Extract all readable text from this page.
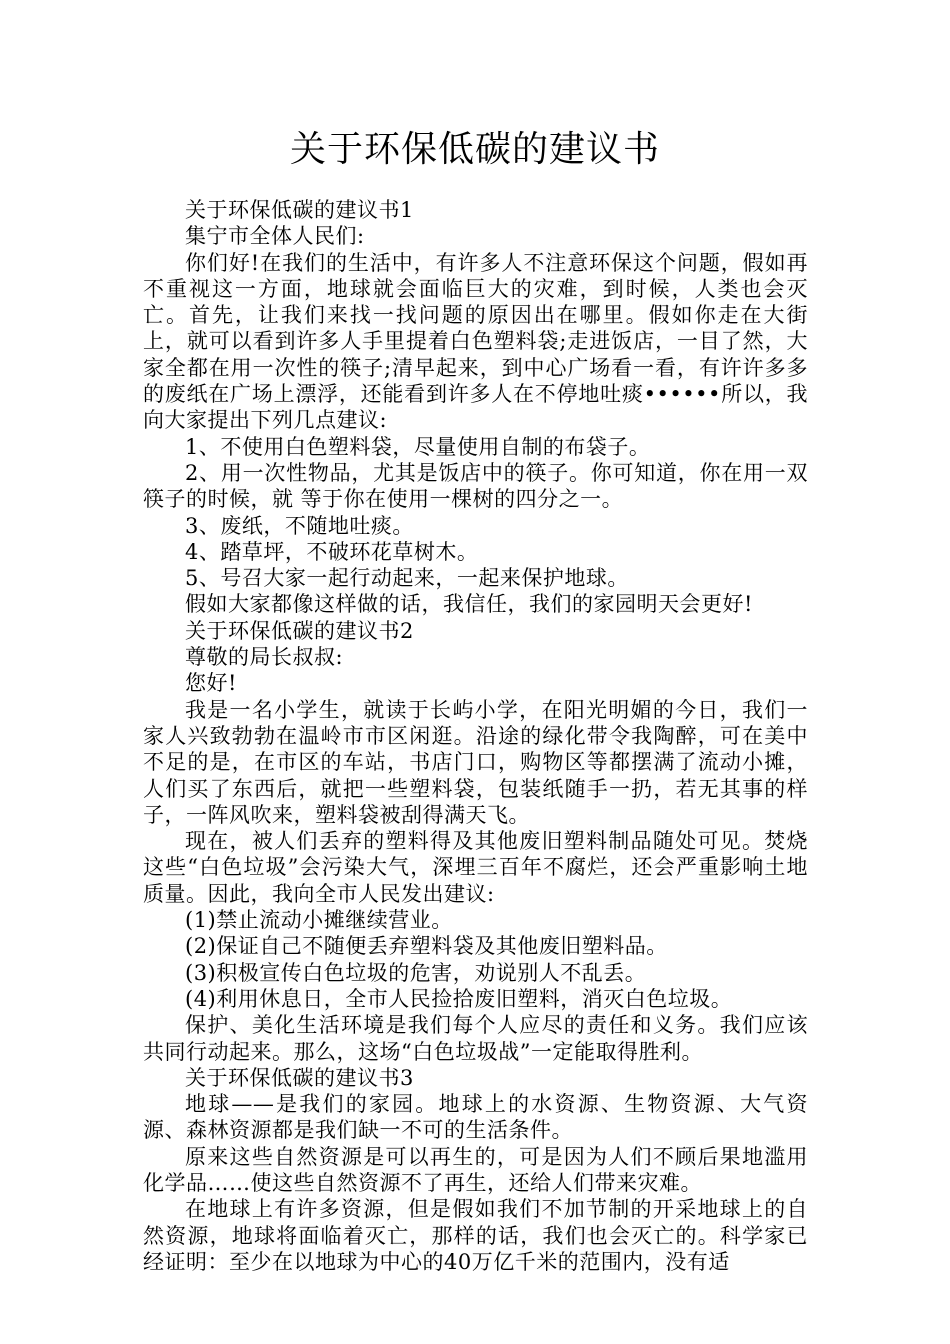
关于环保低碳的建议书

关于环保低碳的建议书1

集宁市全体人民们:

你们好!在我们的生活中，有许多人不注意环保这个问题，假如再不重视这一方面，地球就会面临巨大的灾难，到时候，人类也会灭亡。首先，让我们来找一找问题的原因出在哪里。假如你走在大街上，就可以看到许多人手里提着白色塑料袋;走进饭店，一目了然，大家全都在用一次性的筷子;清早起来，到中心广场看一看，有许许多多的废纸在广场上漂浮，还能看到许多人在不停地吐痰••••••所以，我向大家提出下列几点建议:

1、不使用白色塑料袋，尽量使用自制的布袋子。

2、用一次性物品，尤其是饭店中的筷子。你可知道，你在用一双筷子的时候，就 等于你在使用一棵树的四分之一。

3、废纸，不随地吐痰。

4、踏草坪，不破环花草树木。

5、号召大家一起行动起来，一起来保护地球。

假如大家都像这样做的话，我信任，我们的家园明天会更好!

关于环保低碳的建议书2

尊敬的局长叔叔:

您好!

我是一名小学生，就读于长屿小学，在阳光明媚的今日，我们一家人兴致勃勃在温岭市市区闲逛。沿途的绿化带令我陶醉，可在美中不足的是，在市区的车站，书店门口，购物区等都摆满了流动小摊，人们买了东西后，就把一些塑料袋，包装纸随手一扔，若无其事的样子，一阵风吹来，塑料袋被刮得满天飞。

现在，被人们丢弃的塑料得及其他废旧塑料制品随处可见。焚烧这些“白色垃圾”会污染大气，深埋三百年不腐烂，还会严重影响土地质量。因此，我向全市人民发出建议:

(1)禁止流动小摊继续营业。

(2)保证自己不随便丢弃塑料袋及其他废旧塑料品。

(3)积极宣传白色垃圾的危害，劝说别人不乱丢。

(4)利用休息日，全市人民捡拾废旧塑料，消灭白色垃圾。

保护、美化生活环境是我们每个人应尽的责任和义务。我们应该共同行动起来。那么，这场“白色垃圾战”一定能取得胜利。

关于环保低碳的建议书3

地球——是我们的家园。地球上的水资源、生物资源、大气资源、森林资源都是我们缺一不可的生活条件。

原来这些自然资源是可以再生的，可是因为人们不顾后果地滥用化学品……使这些自然资源不了再生，还给人们带来灾难。

在地球上有许多资源，但是假如我们不加节制的开采地球上的自然资源，地球将面临着灭亡，那样的话，我们也会灭亡的。科学家已经证明：至少在以地球为中心的40万亿千米的范围内，没有适
